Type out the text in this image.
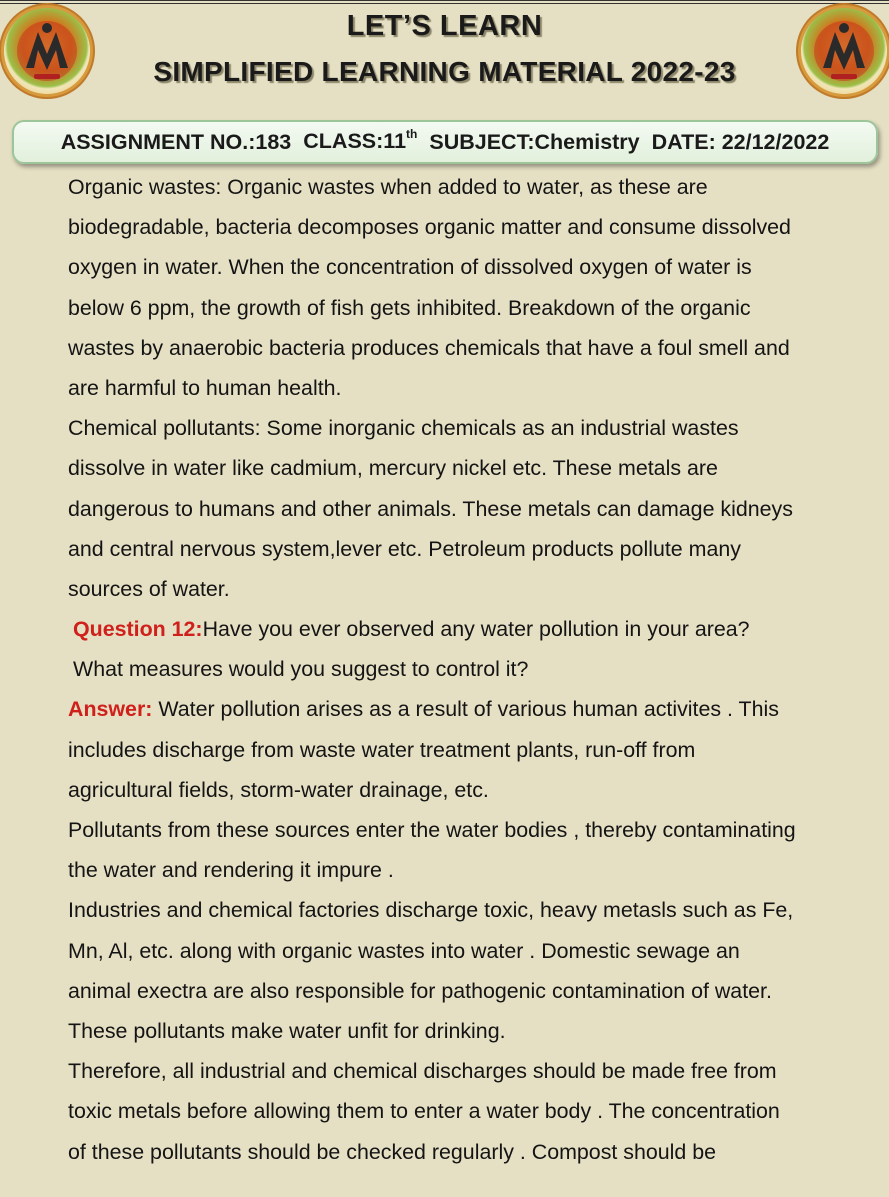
LET’S LEARN
SIMPLIFIED LEARNING MATERIAL 2022-23
ASSIGNMENT NO.:183 CLASS:11th SUBJECT:Chemistry DATE: 22/12/2022
Organic wastes: Organic wastes when added to water, as these are
biodegradable, bacteria decomposes organic matter and consume dissolved
oxygen in water. When the concentration of dissolved oxygen of water is
below 6 ppm, the growth of fish gets inhibited. Breakdown of the organic
wastes by anaerobic bacteria produces chemicals that have a foul smell and
are harmful to human health.
Chemical pollutants: Some inorganic chemicals as an industrial wastes
dissolve in water like cadmium, mercury nickel etc. These metals are
dangerous to humans and other animals. These metals can damage kidneys
and central nervous system,lever etc. Petroleum products pollute many
sources of water.
Question 12:Have you ever observed any water pollution in your area?
What measures would you suggest to control it?
Answer: Water pollution arises as a result of various human activites . This
includes discharge from waste water treatment plants, run-off from
agricultural fields, storm-water drainage, etc.
Pollutants from these sources enter the water bodies , thereby contaminating
the water and rendering it impure .
Industries and chemical factories discharge toxic, heavy metasls such as Fe,
Mn, Al, etc. along with organic wastes into water . Domestic sewage an
animal exectra are also responsible for pathogenic contamination of water.
These pollutants make water unfit for drinking.
Therefore, all industrial and chemical discharges should be made free from
toxic metals before allowing them to enter a water body . The concentration
of these pollutants should be checked regularly . Compost should be
